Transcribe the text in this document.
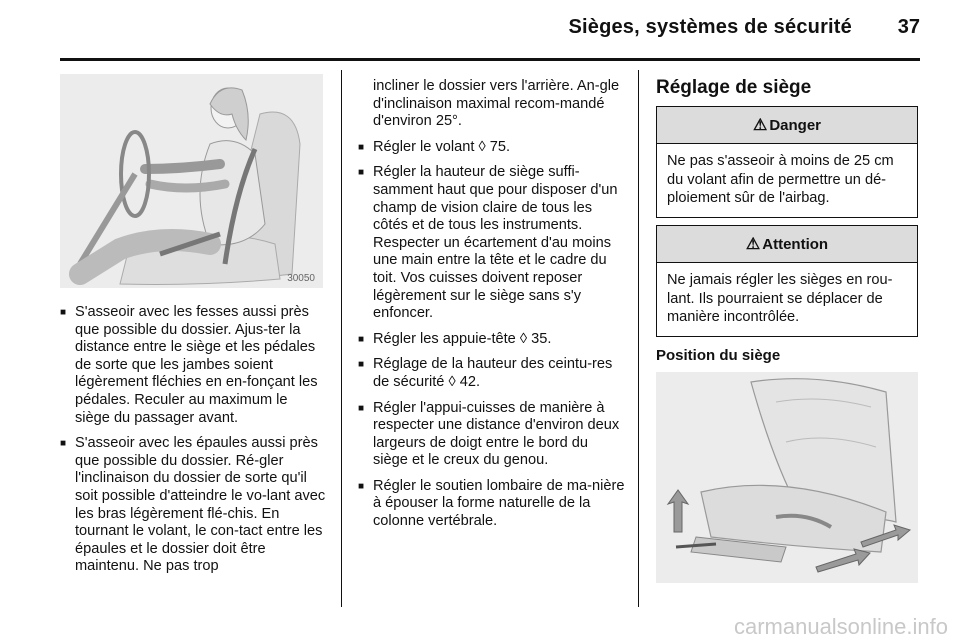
Sièges, systèmes de sécurité 37
30050
■ S'asseoir avec les fesses aussi près que possible du dossier. Ajus-ter la distance entre le siège et les pédales de sorte que les jambes soient légèrement fléchies en en-fonçant les pédales. Reculer au maximum le siège du passager avant.
■ S'asseoir avec les épaules aussi près que possible du dossier. Ré-gler l'inclinaison du dossier de sorte qu'il soit possible d'atteindre le vo-lant avec les bras légèrement flé-chis. En tournant le volant, le con-tact entre les épaules et le dossier doit être maintenu. Ne pas trop
incliner le dossier vers l'arrière. An-gle d'inclinaison maximal recom-mandé d'environ 25°.
■ Régler le volant ◊ 75.
■ Régler la hauteur de siège suffi-samment haut que pour disposer d'un champ de vision claire de tous les côtés et de tous les instruments. Respecter un écartement d'au moins une main entre la tête et le cadre du toit. Vos cuisses doivent reposer légèrement sur le siège sans s'y enfoncer.
■ Régler les appuie-tête ◊ 35.
■ Réglage de la hauteur des ceintu-res de sécurité ◊ 42.
■ Régler l'appui-cuisses de manière à respecter une distance d'environ deux largeurs de doigt entre le bord du siège et le creux du genou.
■ Régler le soutien lombaire de ma-nière à épouser la forme naturelle de la colonne vertébrale.
Réglage de siège
⚠ Danger
Ne pas s'asseoir à moins de 25 cm du volant afin de permettre un dé-ploiement sûr de l'airbag.
⚠ Attention
Ne jamais régler les sièges en rou-lant. Ils pourraient se déplacer de manière incontrôlée.
Position du siège
carmanualsonline.info
